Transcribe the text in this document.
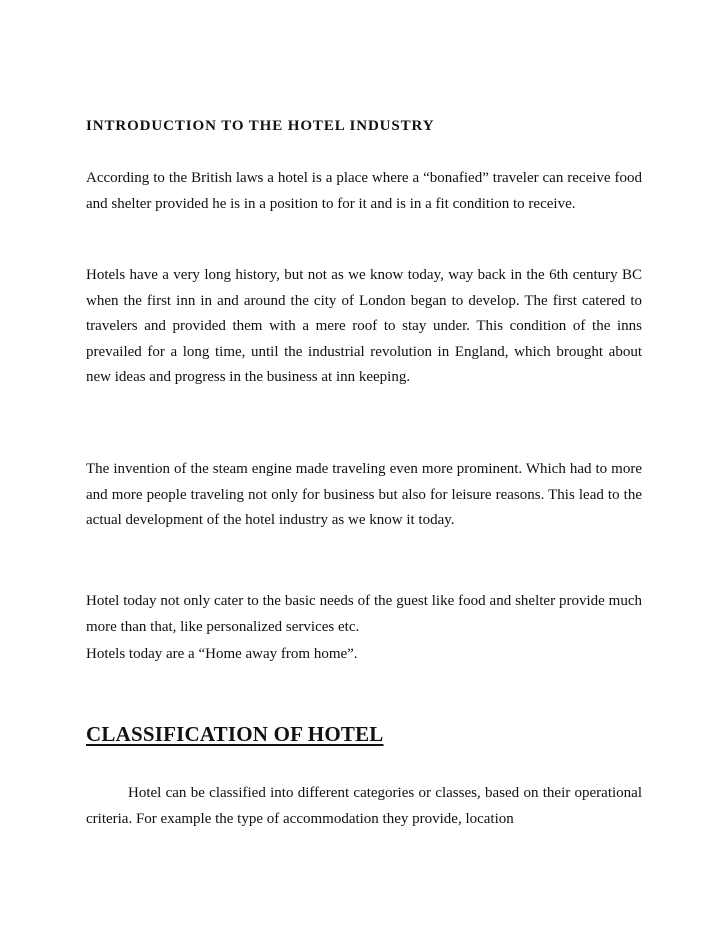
INTRODUCTION TO THE HOTEL INDUSTRY

According to the British laws a hotel is a place where a “bonafied” traveler can receive food and shelter provided he is in a position to for it and is in a fit condition to receive.

Hotels have a very long history, but not as we know today, way back in the 6th century BC when the first inn in and around the city of London began to develop. The first catered to travelers and provided them with a mere roof to stay under. This condition of the inns prevailed for a long time, until the industrial revolution in England, which brought about new ideas and progress in the business at inn keeping.

The invention of the steam engine made traveling even more prominent. Which had to more and more people traveling not only for business but also for leisure reasons. This lead to the actual development of the hotel industry as we know it today.

Hotel today not only cater to the basic needs of the guest like food and shelter provide much more than that, like personalized services etc.

Hotels today are a “Home away from home”.

CLASSIFICATION OF HOTEL

Hotel can be classified into different categories or classes, based on their operational criteria. For example the type of accommodation they provide, location
